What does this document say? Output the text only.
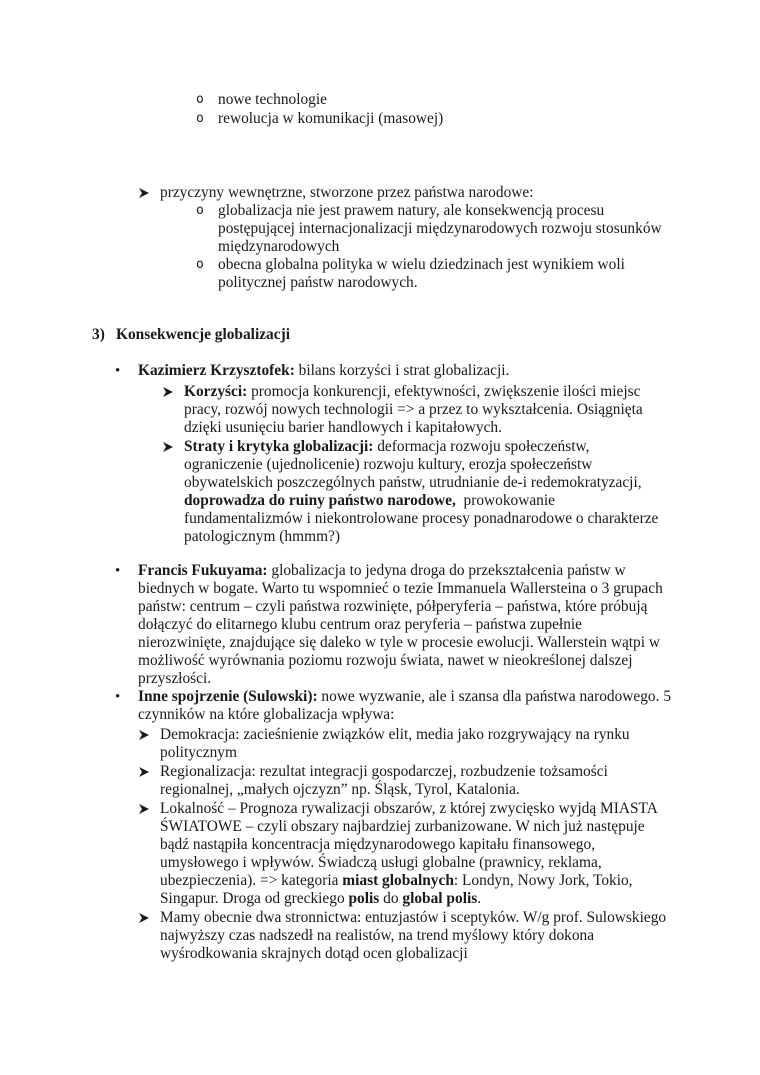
o nowe technologie
o rewolucja w komunikacji (masowej)
przyczyny wewnętrzne, stworzone przez państwa narodowe:
o globalizacja nie jest prawem natury, ale konsekwencją procesu
postępującej internacjonalizacji międzynarodowych rozwoju stosunków
międzynarodowych
o obecna globalna polityka w wielu dziedzinach jest wynikiem woli
politycznej państw narodowych.
3) Konsekwencje globalizacji
• Kazimierz Krzysztofek: bilans korzyści i strat globalizacji.
Korzyści: promocja konkurencji, efektywności, zwiększenie ilości miejsc
pracy, rozwój nowych technologii => a przez to wykształcenia. Osiągnięta
dzięki usunięciu barier handlowych i kapitałowych.
Straty i krytyka globalizacji: deformacja rozwoju społeczeństw,
ograniczenie (ujednolicenie) rozwoju kultury, erozja społeczeństw
obywatelskich poszczególnych państw, utrudnianie de-i redemokratyzacji,
doprowadza do ruiny państwo narodowe,  prowokowanie
fundamentalizmów i niekontrolowane procesy ponadnarodowe o charakterze
patologicznym (hmmm?)
• Francis Fukuyama: globalizacja to jedyna droga do przekształcenia państw w
biednych w bogate. Warto tu wspomnieć o tezie Immanuela Wallersteina o 3 grupach
państw: centrum – czyli państwa rozwinięte, półperyferia – państwa, które próbują
dołączyć do elitarnego klubu centrum oraz peryferia – państwa zupełnie
nierozwinięte, znajdujące się daleko w tyle w procesie ewolucji. Wallerstein wątpi w
możliwość wyrównania poziomu rozwoju świata, nawet w nieokreślonej dalszej
przyszłości.
• Inne spojrzenie (Sulowski): nowe wyzwanie, ale i szansa dla państwa narodowego. 5
czynników na które globalizacja wpływa:
Demokracja: zacieśnienie związków elit, media jako rozgrywający na rynku
politycznym
Regionalizacja: rezultat integracji gospodarczej, rozbudzenie tożsamości
regionalnej, „małych ojczyzn” np. Śląsk, Tyrol, Katalonia.
Lokalność – Prognoza rywalizacji obszarów, z której zwycięsko wyjdą MIASTA
ŚWIATOWE – czyli obszary najbardziej zurbanizowane. W nich już następuje
bądź nastąpiła koncentracja międzynarodowego kapitału finansowego,
umysłowego i wpływów. Świadczą usługi globalne (prawnicy, reklama,
ubezpieczenia). => kategoria miast globalnych: Londyn, Nowy Jork, Tokio,
Singapur. Droga od greckiego polis do global polis.
Mamy obecnie dwa stronnictwa: entuzjastów i sceptyków. W/g prof. Sulowskiego
najwyższy czas nadszedł na realistów, na trend myślowy który dokona
wyśrodkowania skrajnych dotąd ocen globalizacji
